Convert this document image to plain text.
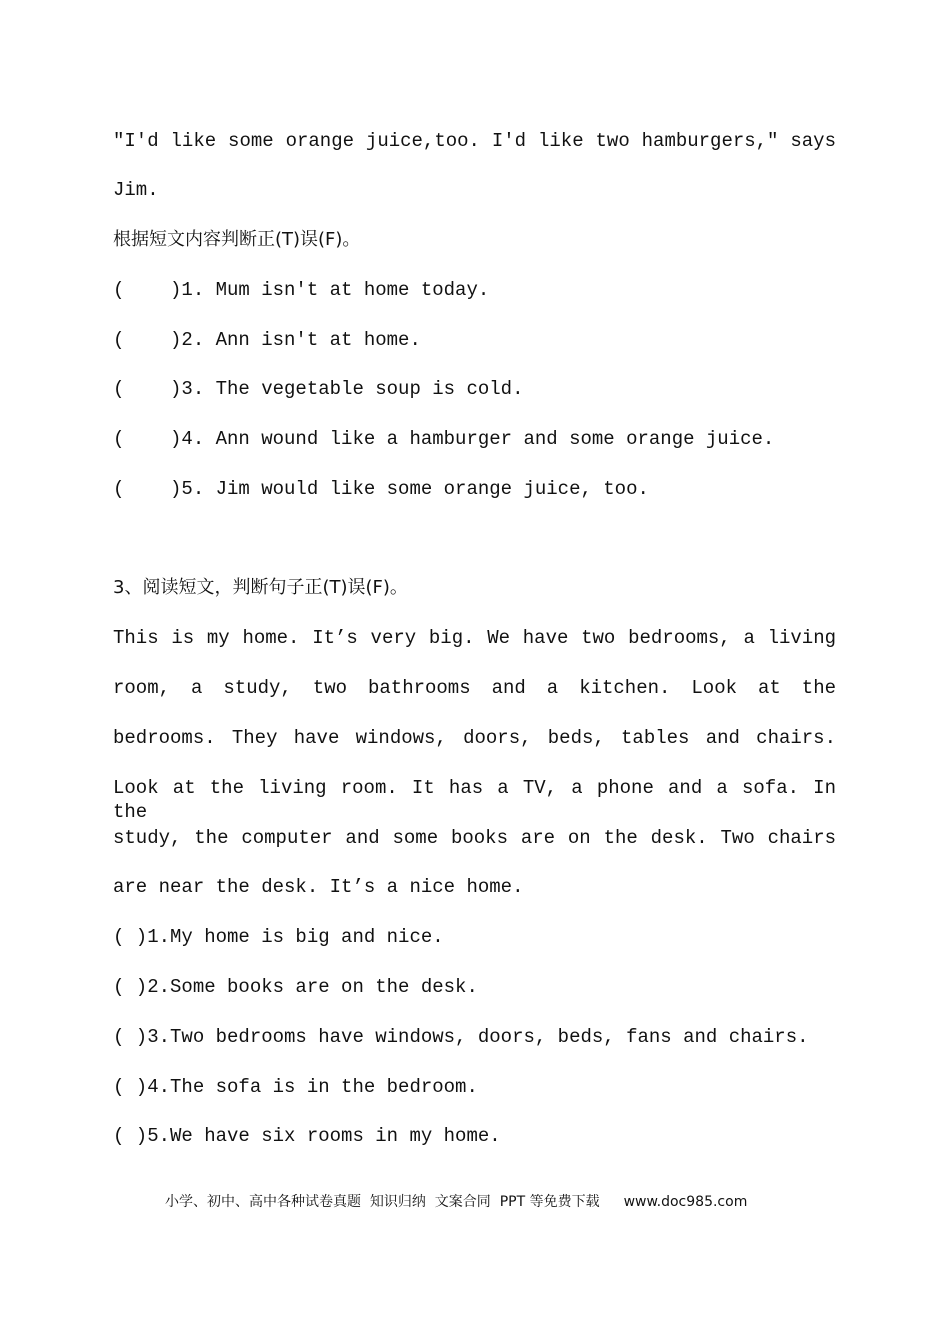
"I'd like some orange juice,too. I'd like two hamburgers," says
Jim.
根据短文内容判断正(T)误(F)。
(    )1. Mum isn't at home today.
(    )2. Ann isn't at home.
(    )3. The vegetable soup is cold.
(    )4. Ann wound like a hamburger and some orange juice.
(    )5. Jim would like some orange juice, too.
3、阅读短文，判断句子正(T)误(F)。
This is my home. It’s very big. We have two bedrooms, a living
room, a study, two bathrooms and a kitchen. Look at the
bedrooms. They have windows, doors, beds, tables and chairs.
Look at the living room. It has a TV, a phone and a sofa. In the
study, the computer and some books are on the desk. Two chairs
are near the desk. It’s a nice home.
( )1.My home is big and nice.
( )2.Some books are on the desk.
( )3.Two bedrooms have windows, doors, beds, fans and chairs.
( )4.The sofa is in the bedroom.
( )5.We have six rooms in my home.
小学、初中、高中各种试卷真题  知识归纳  文案合同  PPT 等免费下载 www.doc985.com
